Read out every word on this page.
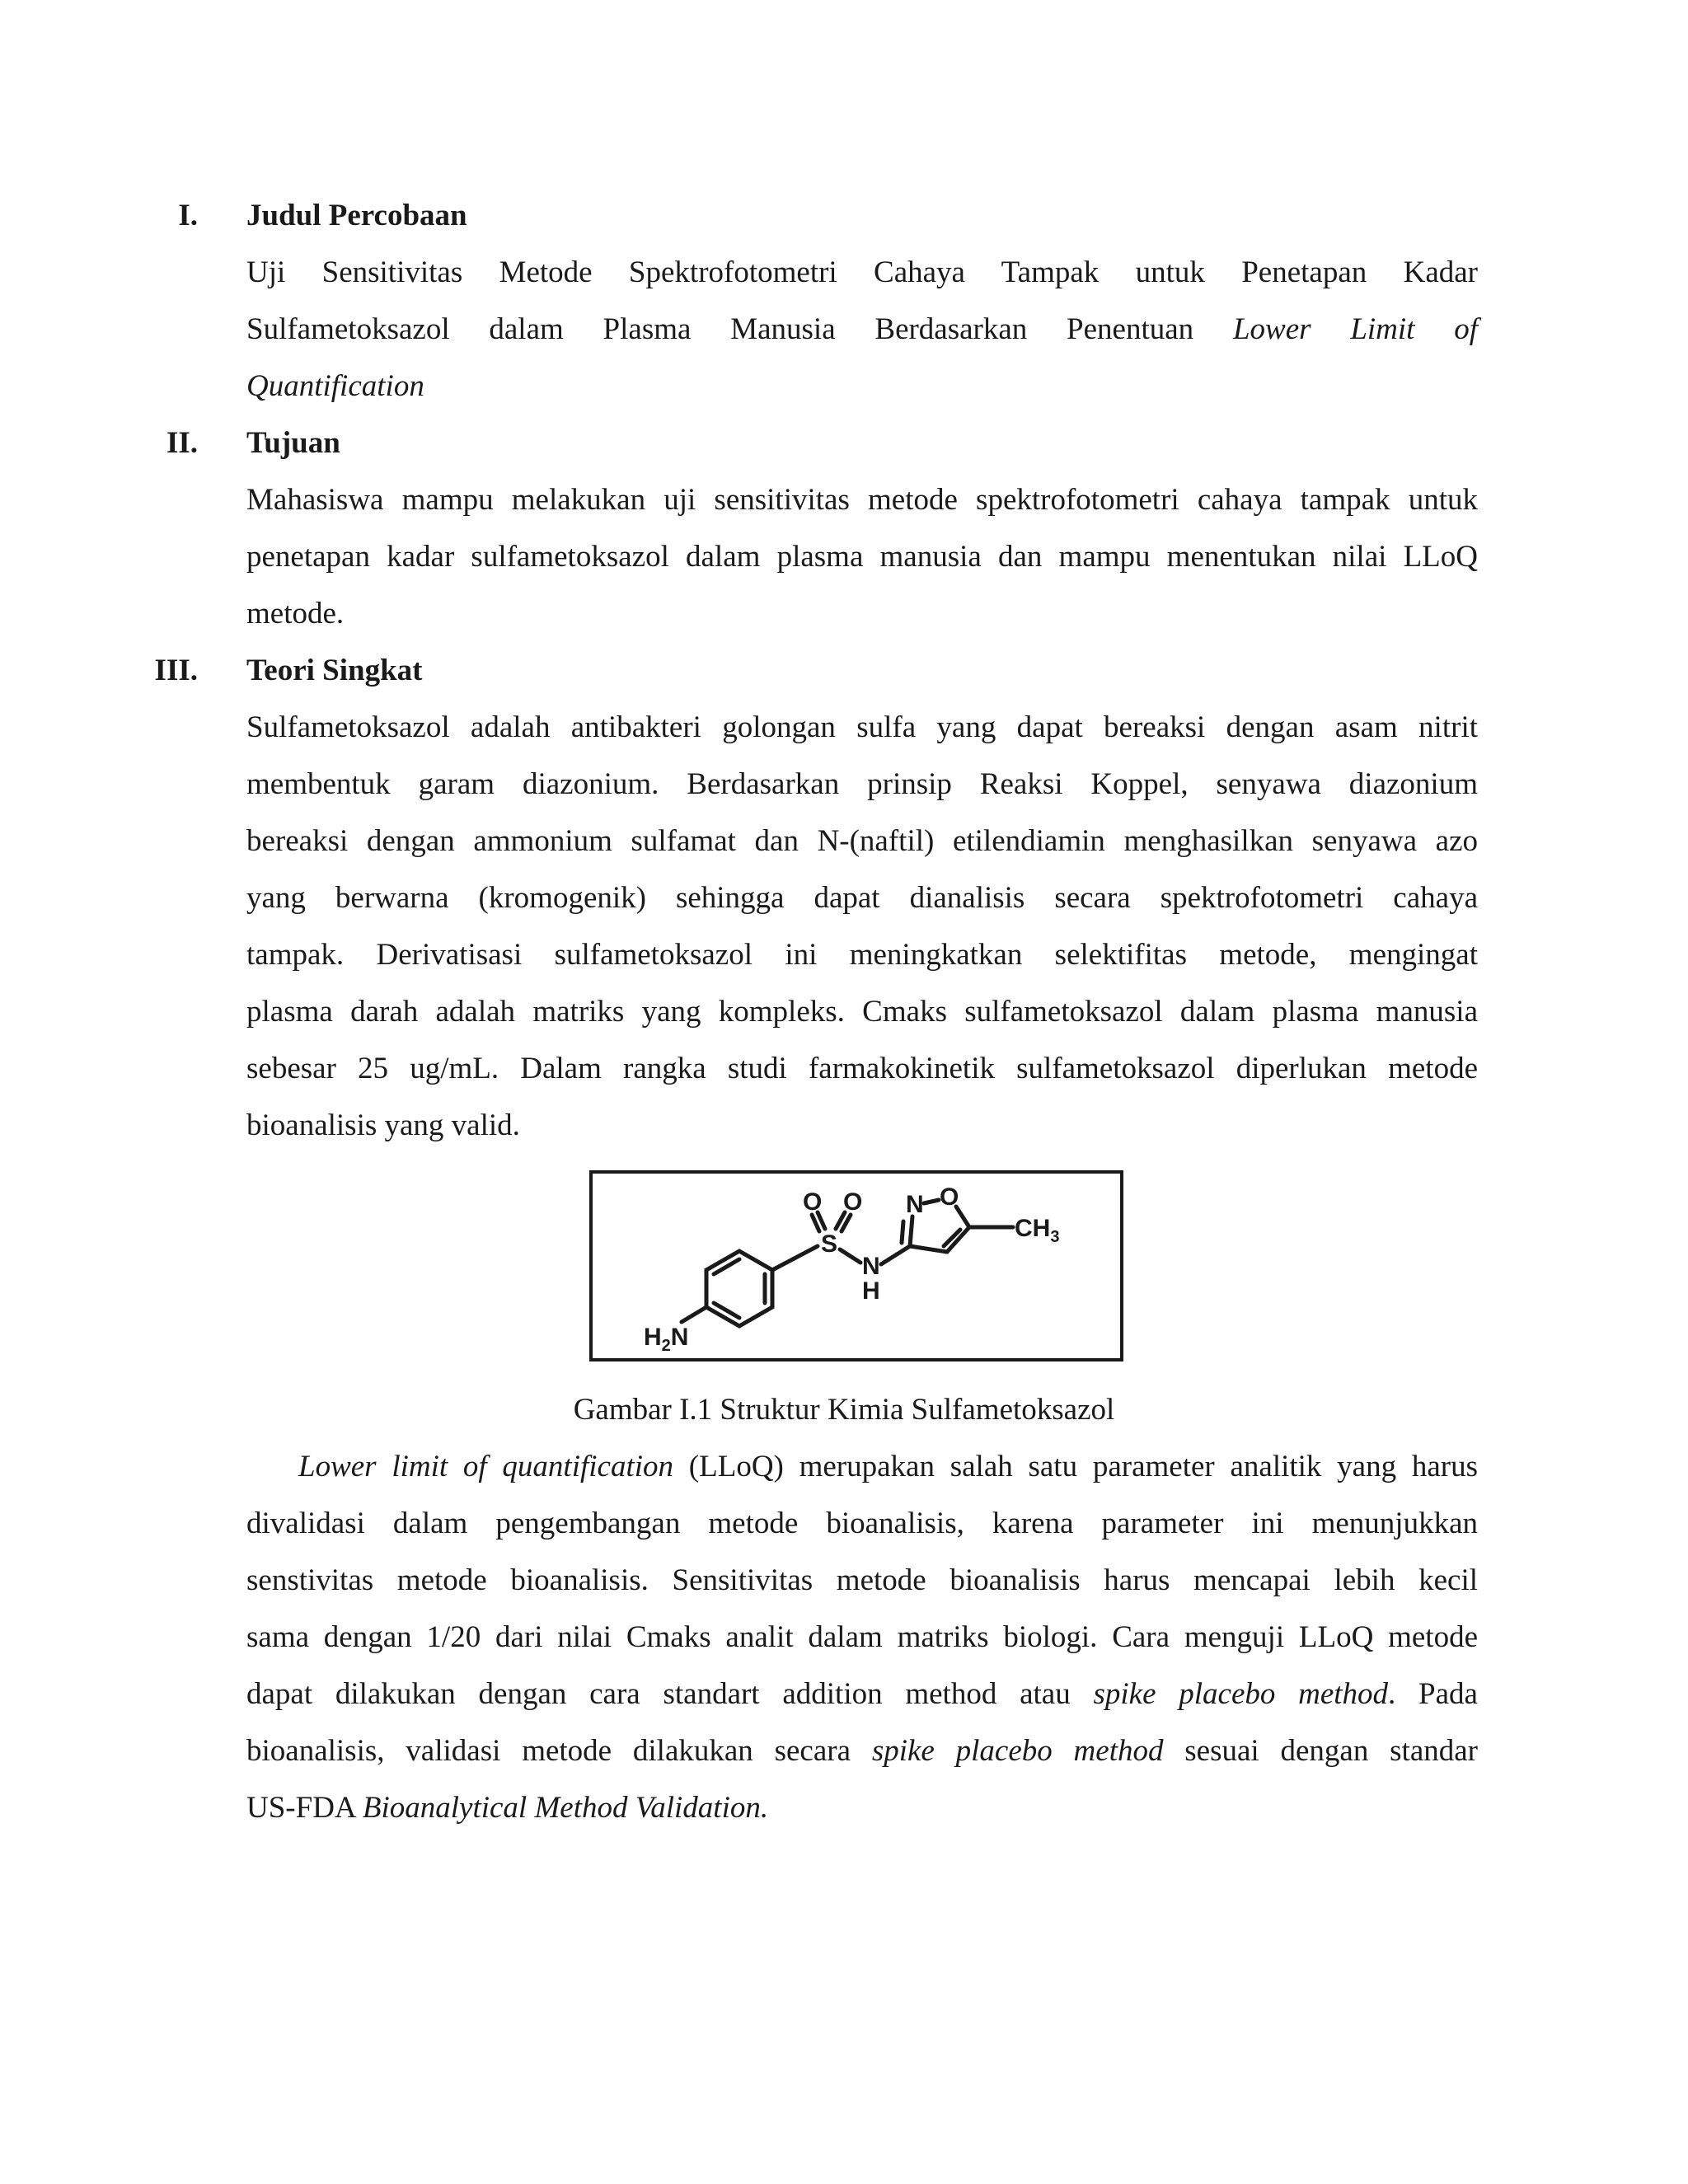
I. Judul Percobaan
Uji Sensitivitas Metode Spektrofotometri Cahaya Tampak untuk Penetapan Kadar
Sulfametoksazol dalam Plasma Manusia Berdasarkan Penentuan Lower Limit of
Quantification
II. Tujuan
Mahasiswa mampu melakukan uji sensitivitas metode spektrofotometri cahaya tampak untuk
penetapan kadar sulfametoksazol dalam plasma manusia dan mampu menentukan nilai LLoQ
metode.
III. Teori Singkat
Sulfametoksazol adalah antibakteri golongan sulfa yang dapat bereaksi dengan asam nitrit
membentuk garam diazonium. Berdasarkan prinsip Reaksi Koppel, senyawa diazonium
bereaksi dengan ammonium sulfamat dan N-(naftil) etilendiamin menghasilkan senyawa azo
yang berwarna (kromogenik) sehingga dapat dianalisis secara spektrofotometri cahaya
tampak. Derivatisasi sulfametoksazol ini meningkatkan selektifitas metode, mengingat
plasma darah adalah matriks yang kompleks. Cmaks sulfametoksazol dalam plasma manusia
sebesar 25 ug/mL. Dalam rangka studi farmakokinetik sulfametoksazol diperlukan metode
bioanalisis yang valid.
O O
S
N
H
N O
$CH_3$
$H_2N$
Gambar I.1 Struktur Kimia Sulfametoksazol
Lower limit of quantification (LLoQ) merupakan salah satu parameter analitik yang harus
divalidasi dalam pengembangan metode bioanalisis, karena parameter ini menunjukkan
senstivitas metode bioanalisis. Sensitivitas metode bioanalisis harus mencapai lebih kecil
sama dengan 1/20 dari nilai Cmaks analit dalam matriks biologi. Cara menguji LLoQ metode
dapat dilakukan dengan cara standart addition method atau spike placebo method. Pada
bioanalisis, validasi metode dilakukan secara spike placebo method sesuai dengan standar
US-FDA Bioanalytical Method Validation.
